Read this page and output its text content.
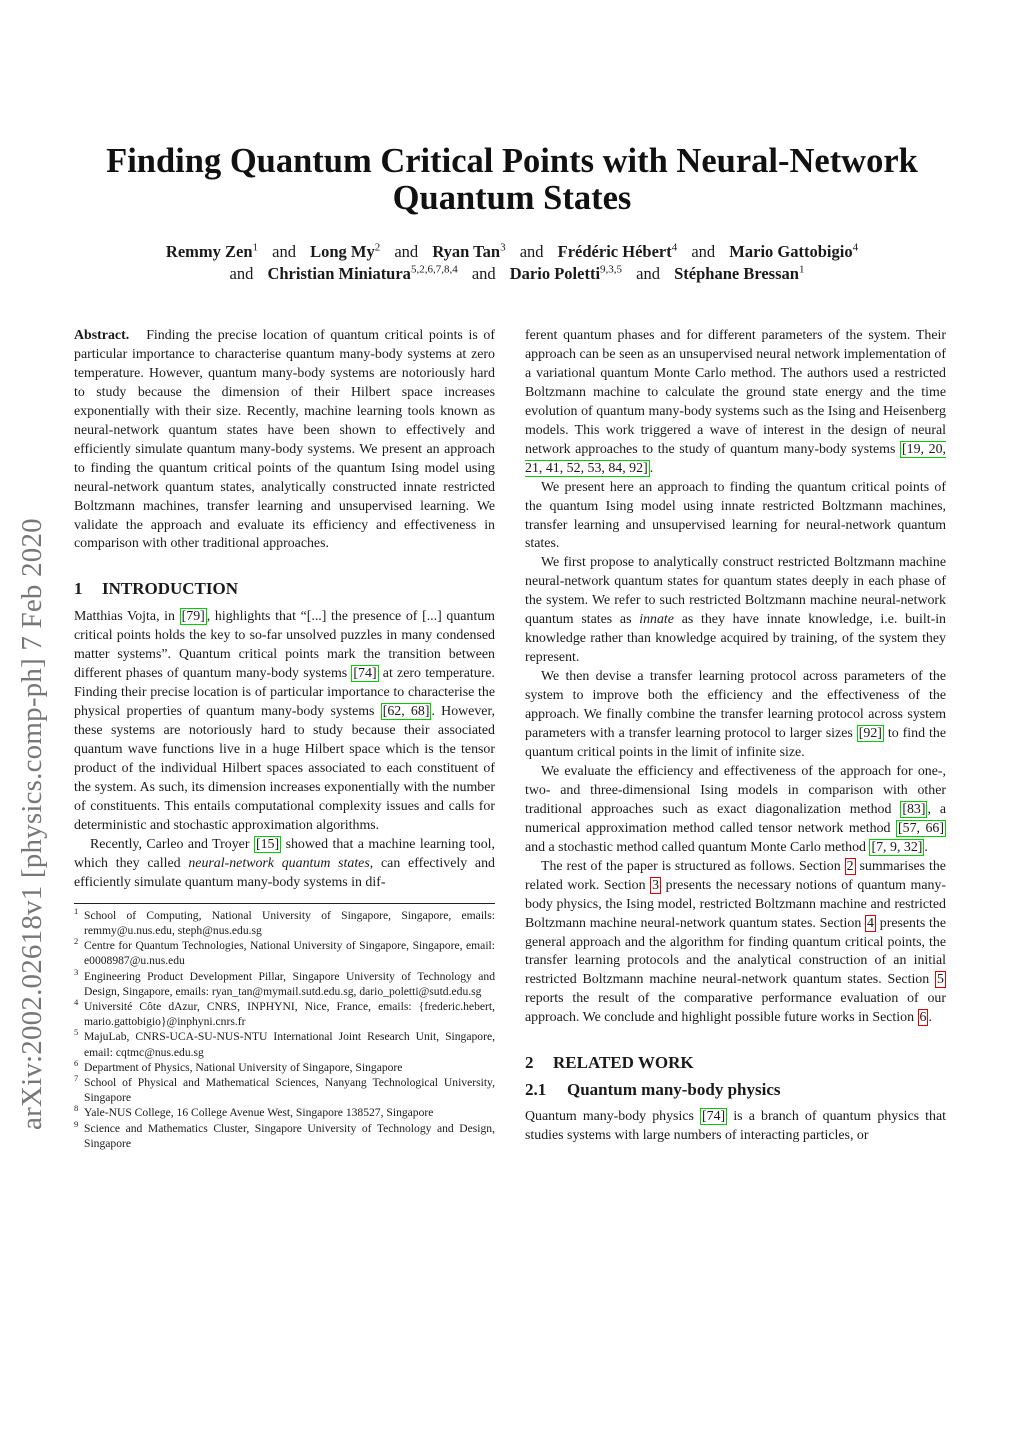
arXiv:2002.02618v1 [physics.comp-ph] 7 Feb 2020
Finding Quantum Critical Points with Neural-Network
Quantum States
Remmy Zen$^1$ and Long My$^2$ and Ryan Tan$^3$ and Frédéric Hébert$^4$ and Mario Gattobigio$^4$
and Christian Miniatura$^{5,2,6,7,8,4}$ and Dario Poletti$^{9,3,5}$ and Stéphane Bressan$^1$

Abstract. Finding the precise location of quantum critical points is of particular importance to characterise quantum many-body systems at zero temperature. However, quantum many-body systems are notoriously hard to study because the dimension of their Hilbert space increases exponentially with their size. Recently, machine learning tools known as neural-network quantum states have been shown to effectively and efficiently simulate quantum many-body systems. We present an approach to finding the quantum critical points of the quantum Ising model using neural-network quantum states, analytically constructed innate restricted Boltzmann machines, transfer learning and unsupervised learning. We validate the approach and evaluate its efficiency and effectiveness in comparison with other traditional approaches.

1 INTRODUCTION

Matthias Vojta, in [79] , highlights that “[...] the presence of [...] quantum critical points holds the key to so-far unsolved puzzles in many condensed matter systems”. Quantum critical points mark the transition between different phases of quantum many-body systems [74] at zero temperature. Finding their precise location is of particular importance to characterise the physical properties of quantum many-body systems [62, 68] . However, these systems are notoriously hard to study because their associated quantum wave functions live in a huge Hilbert space which is the tensor product of the individual Hilbert spaces associated to each constituent of the system. As such, its dimension increases exponentially with the number of constituents. This entails computational complexity issues and calls for deterministic and stochastic approximation algorithms.

Recently, Carleo and Troyer [15] showed that a machine learning tool, which they called neural-network quantum states, can effectively and efficiently simulate quantum many-body systems in dif-

1 School of Computing, National University of Singapore, Singapore, emails: remmy@u.nus.edu, steph@nus.edu.sg
2 Centre for Quantum Technologies, National University of Singapore, Singapore, email: e0008987@u.nus.edu
3 Engineering Product Development Pillar, Singapore University of Technology and Design, Singapore, emails: ryan_tan@mymail.sutd.edu.sg, dario_poletti@sutd.edu.sg
4 Université Côte dAzur, CNRS, INPHYNI, Nice, France, emails: {frederic.hebert, mario.gattobigio}@inphyni.cnrs.fr
5 MajuLab, CNRS-UCA-SU-NUS-NTU International Joint Research Unit, Singapore, email: cqtmc@nus.edu.sg
6 Department of Physics, National University of Singapore, Singapore
7 School of Physical and Mathematical Sciences, Nanyang Technological University, Singapore
8 Yale-NUS College, 16 College Avenue West, Singapore 138527, Singapore
9 Science and Mathematics Cluster, Singapore University of Technology and Design, Singapore

ferent quantum phases and for different parameters of the system. Their approach can be seen as an unsupervised neural network implementation of a variational quantum Monte Carlo method. The authors used a restricted Boltzmann machine to calculate the ground state energy and the time evolution of quantum many-body systems such as the Ising and Heisenberg models. This work triggered a wave of interest in the design of neural network approaches to the study of quantum many-body systems [19, 20, 21, 41, 52, 53, 84, 92] .

We present here an approach to finding the quantum critical points of the quantum Ising model using innate restricted Boltzmann machines, transfer learning and unsupervised learning for neural-network quantum states.

We first propose to analytically construct restricted Boltzmann machine neural-network quantum states for quantum states deeply in each phase of the system. We refer to such restricted Boltzmann machine neural-network quantum states as innate as they have innate knowledge, i.e. built-in knowledge rather than knowledge acquired by training, of the system they represent.

We then devise a transfer learning protocol across parameters of the system to improve both the efficiency and the effectiveness of the approach. We finally combine the transfer learning protocol across system parameters with a transfer learning protocol to larger sizes [92] to find the quantum critical points in the limit of infinite size.

We evaluate the efficiency and effectiveness of the approach for one-, two- and three-dimensional Ising models in comparison with other traditional approaches such as exact diagonalization method [83] , a numerical approximation method called tensor network method [57, 66] and a stochastic method called quantum Monte Carlo method [7, 9, 32] .

The rest of the paper is structured as follows. Section 2 summarises the related work. Section 3 presents the necessary notions of quantum many-body physics, the Ising model, restricted Boltzmann machine and restricted Boltzmann machine neural-network quantum states. Section 4 presents the general approach and the algorithm for finding quantum critical points, the transfer learning protocols and the analytical construction of an initial restricted Boltzmann machine neural-network quantum states. Section 5 reports the result of the comparative performance evaluation of our approach. We conclude and highlight possible future works in Section 6 .

2 RELATED WORK
2.1 Quantum many-body physics

Quantum many-body physics [74] is a branch of quantum physics that studies systems with large numbers of interacting particles, or
